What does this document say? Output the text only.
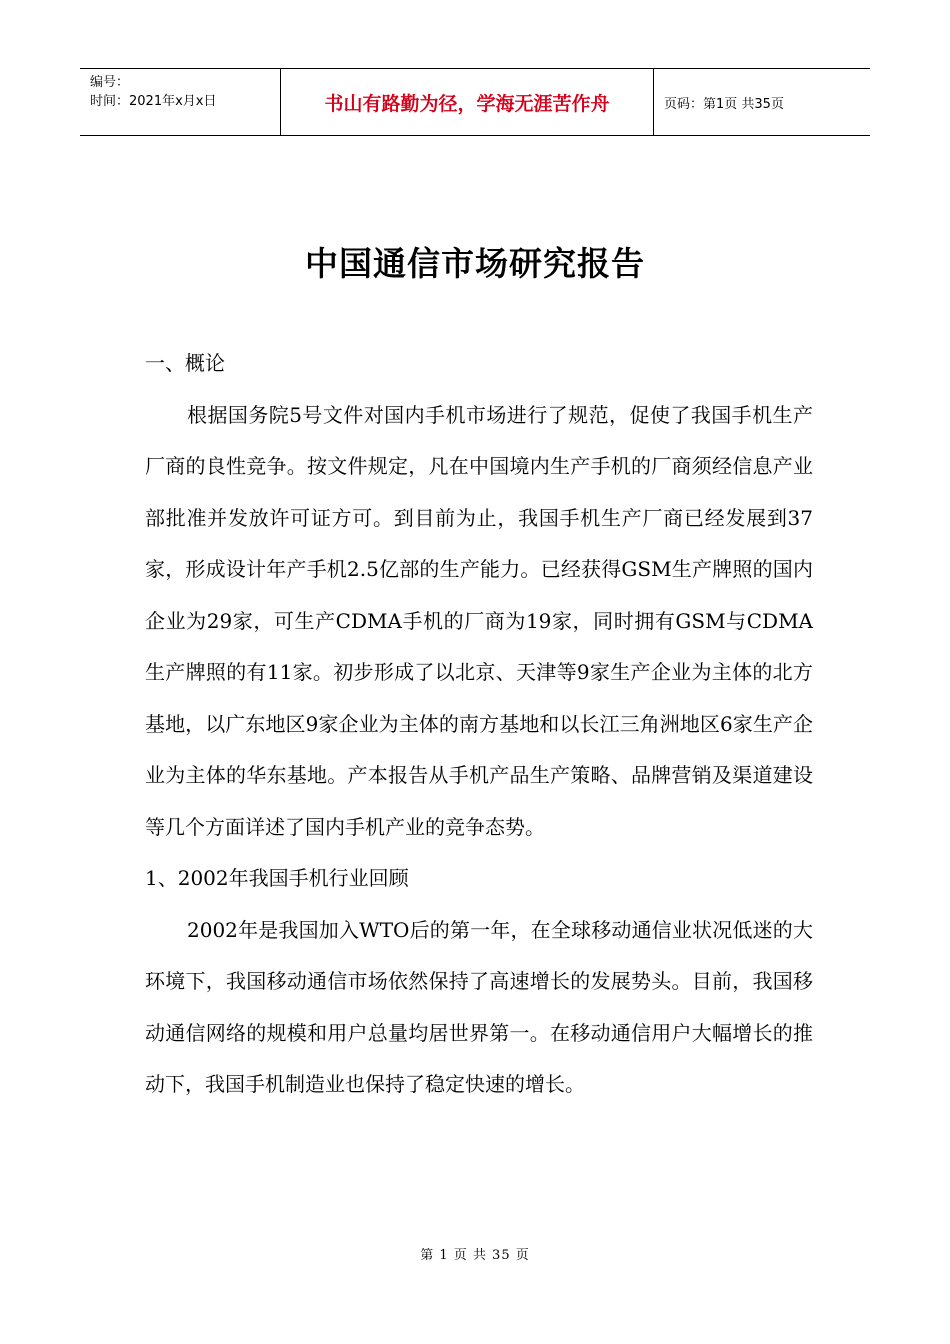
编号：
时间：2021年x月x日	书山有路勤为径，学海无涯苦作舟	页码：第1页 共35页
中国通信市场研究报告

一、概论

根据国务院5号文件对国内手机市场进行了规范，促使了我国手机生产厂商的良性竞争。按文件规定，凡在中国境内生产手机的厂商须经信息产业部批准并发放许可证方可。到目前为止，我国手机生产厂商已经发展到37家，形成设计年产手机2.5亿部的生产能力。已经获得GSM生产牌照的国内企业为29家，可生产CDMA手机的厂商为19家，同时拥有GSM与CDMA生产牌照的有11家。初步形成了以北京、天津等9家生产企业为主体的北方基地，以广东地区9家企业为主体的南方基地和以长江三角洲地区6家生产企业为主体的华东基地。产本报告从手机产品生产策略、品牌营销及渠道建设等几个方面详述了国内手机产业的竞争态势。

1、2002年我国手机行业回顾

2002年是我国加入WTO后的第一年，在全球移动通信业状况低迷的大环境下，我国移动通信市场依然保持了高速增长的发展势头。目前，我国移动通信网络的规模和用户总量均居世界第一。在移动通信用户大幅增长的推动下，我国手机制造业也保持了稳定快速的增长。

第 1 页 共 35 页
